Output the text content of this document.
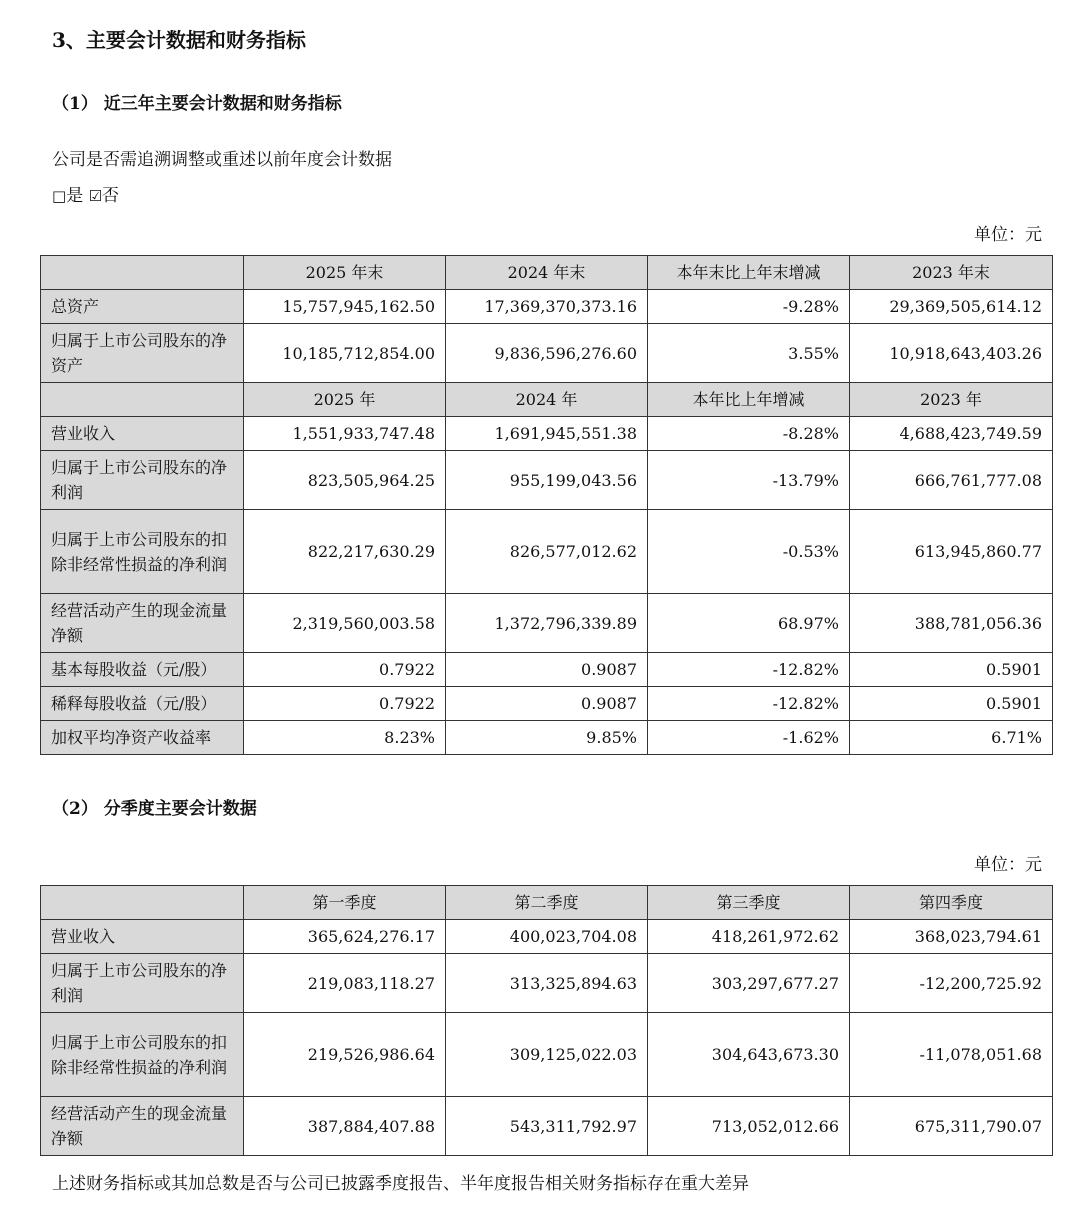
3、主要会计数据和财务指标
（1） 近三年主要会计数据和财务指标
公司是否需追溯调整或重述以前年度会计数据
□是 ☑否
单位：元
	2025 年末	2024 年末	本年末比上年末增减	2023 年末
总资产	15,757,945,162.50	17,369,370,373.16	-9.28%	29,369,505,614.12
归属于上市公司股东的净资产	10,185,712,854.00	9,836,596,276.60	3.55%	10,918,643,403.26
	2025 年	2024 年	本年比上年增减	2023 年
营业收入	1,551,933,747.48	1,691,945,551.38	-8.28%	4,688,423,749.59
归属于上市公司股东的净利润	823,505,964.25	955,199,043.56	-13.79%	666,761,777.08
归属于上市公司股东的扣除非经常性损益的净利润	822,217,630.29	826,577,012.62	-0.53%	613,945,860.77
经营活动产生的现金流量净额	2,319,560,003.58	1,372,796,339.89	68.97%	388,781,056.36
基本每股收益（元/股）	0.7922	0.9087	-12.82%	0.5901
稀释每股收益（元/股）	0.7922	0.9087	-12.82%	0.5901
加权平均净资产收益率	8.23%	9.85%	-1.62%	6.71%
（2） 分季度主要会计数据
单位：元
	第一季度	第二季度	第三季度	第四季度
营业收入	365,624,276.17	400,023,704.08	418,261,972.62	368,023,794.61
归属于上市公司股东的净利润	219,083,118.27	313,325,894.63	303,297,677.27	-12,200,725.92
归属于上市公司股东的扣除非经常性损益的净利润	219,526,986.64	309,125,022.03	304,643,673.30	-11,078,051.68
经营活动产生的现金流量净额	387,884,407.88	543,311,792.97	713,052,012.66	675,311,790.07
上述财务指标或其加总数是否与公司已披露季度报告、半年度报告相关财务指标存在重大差异
